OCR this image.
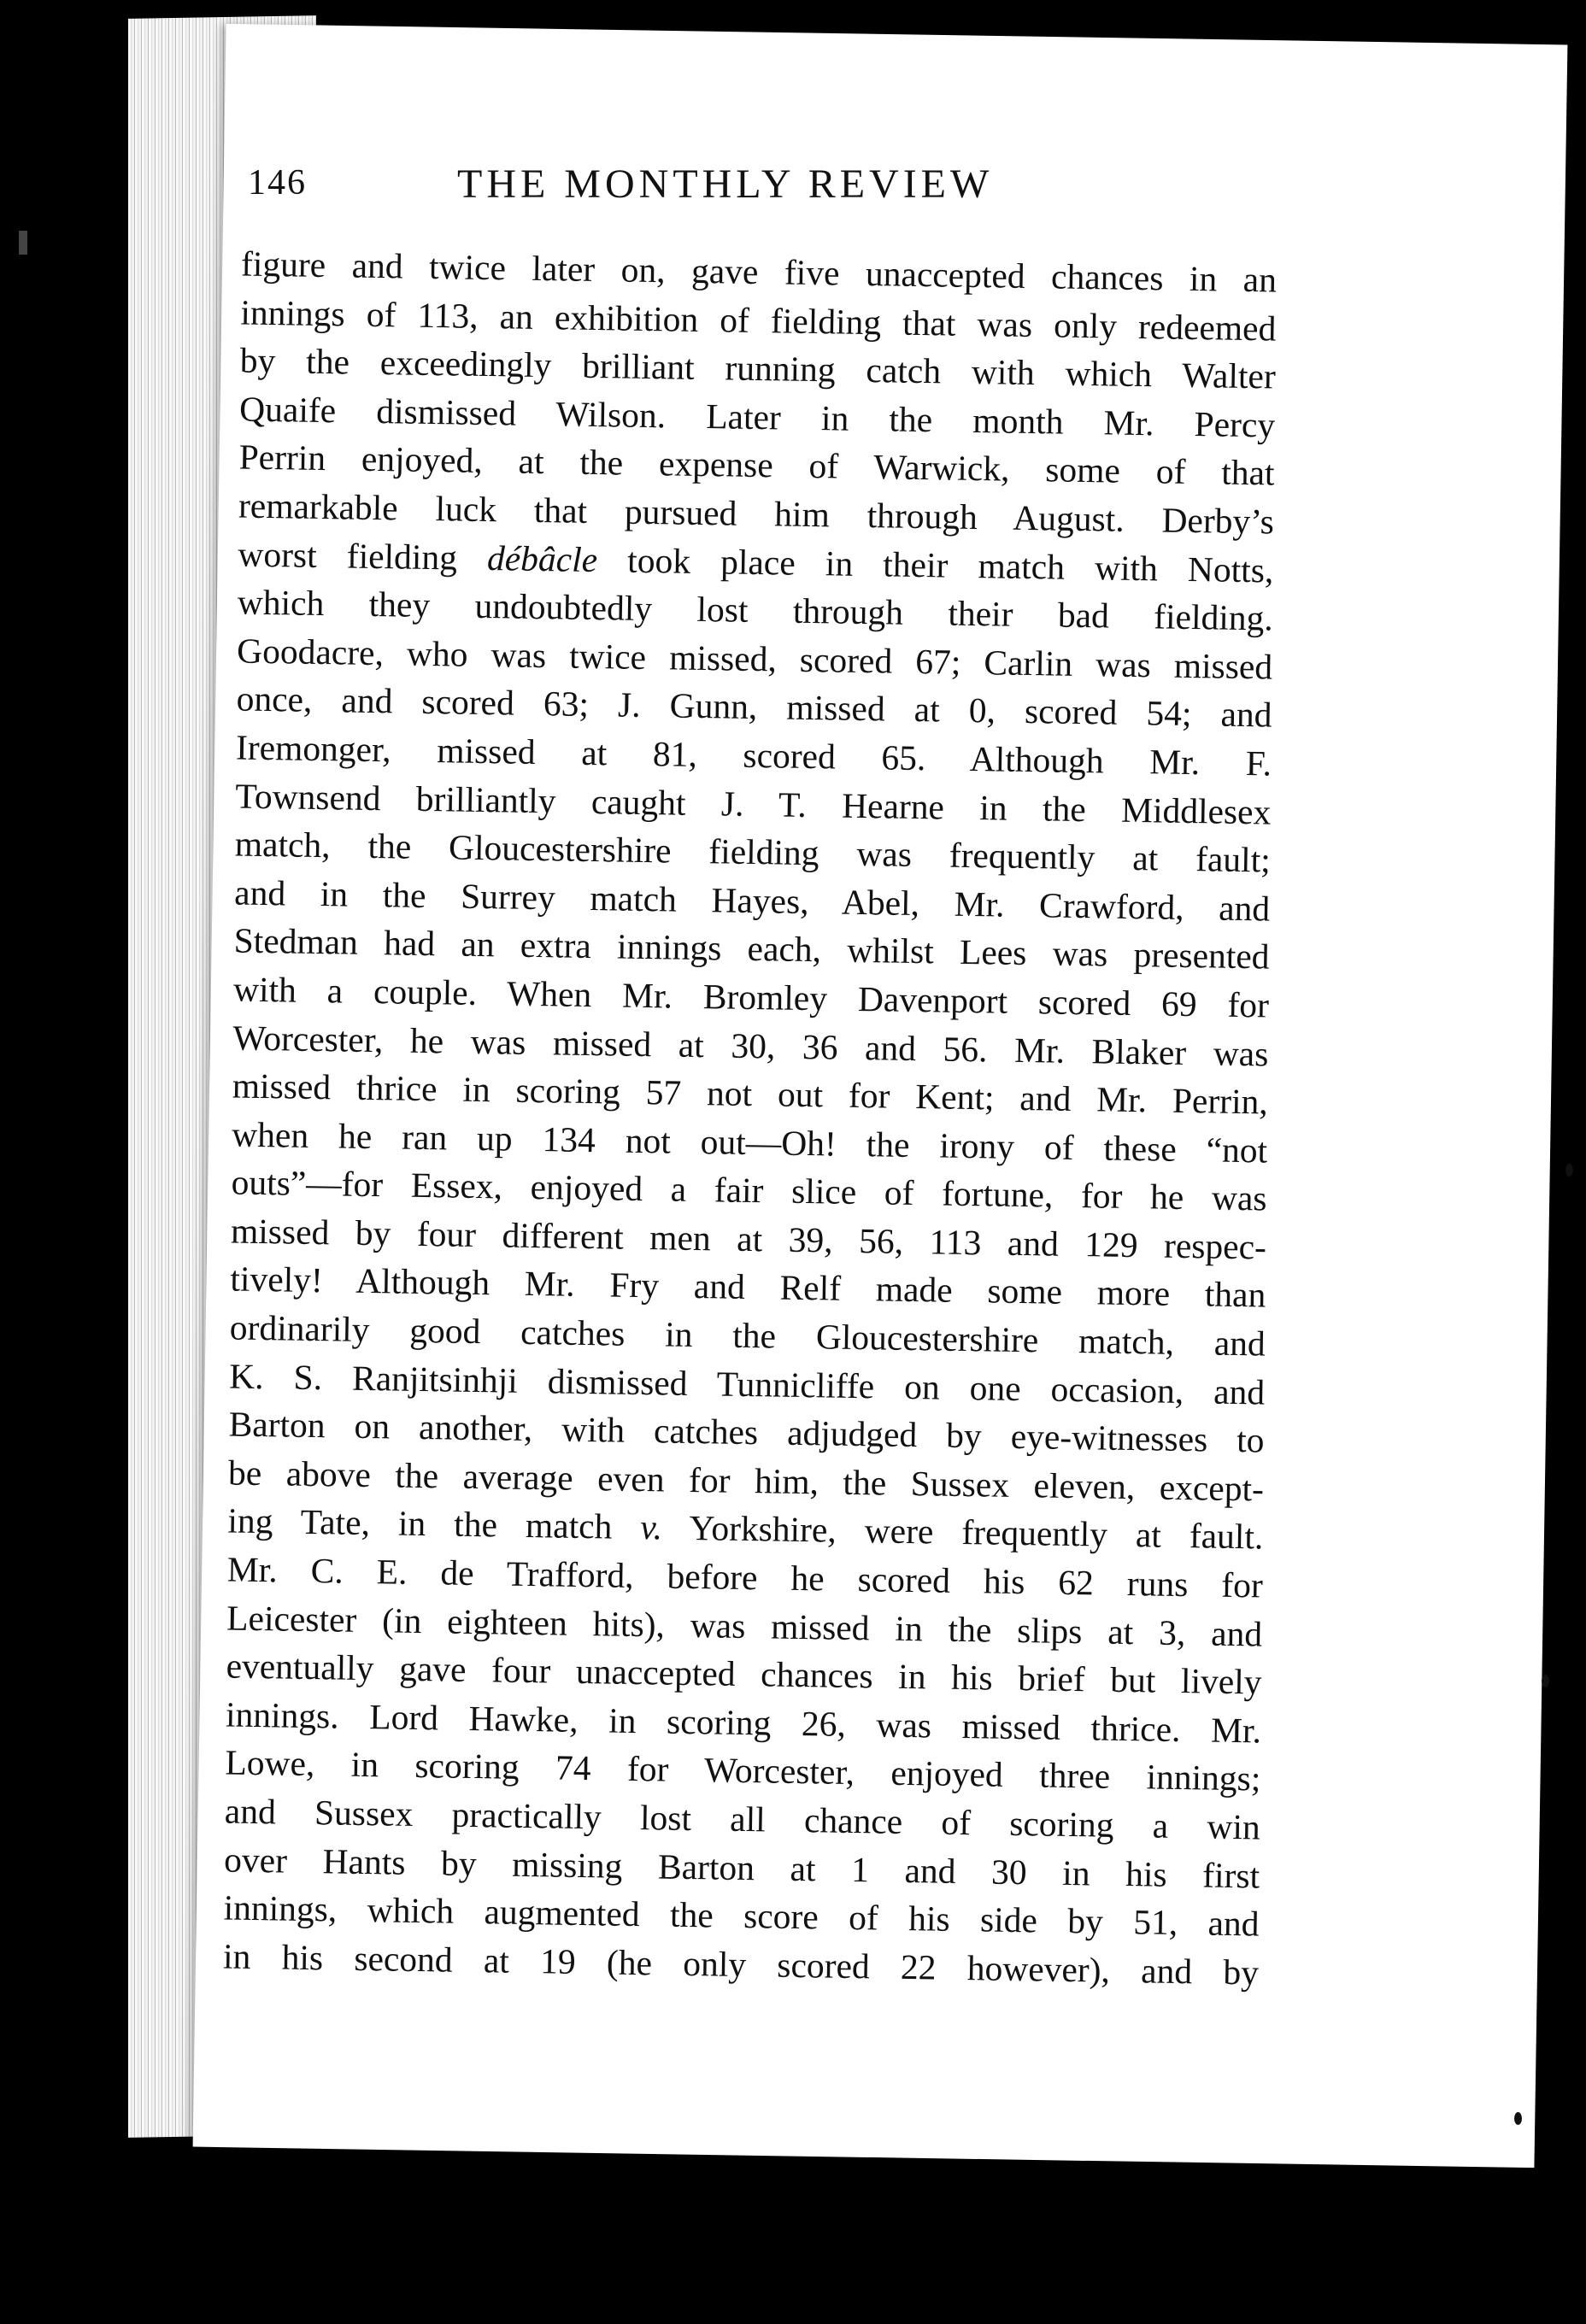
146	THE MONTHLY REVIEW
figure and twice later on, gave five unaccepted chances in an
innings of 113, an exhibition of fielding that was only redeemed
by the exceedingly brilliant running catch with which Walter
Quaife dismissed Wilson. Later in the month Mr. Percy
Perrin enjoyed, at the expense of Warwick, some of that
remarkable luck that pursued him through August. Derby’s
worst fielding débâcle took place in their match with Notts,
which they undoubtedly lost through their bad fielding.
Goodacre, who was twice missed, scored 67; Carlin was missed
once, and scored 63; J. Gunn, missed at 0, scored 54; and
Iremonger, missed at 81, scored 65. Although Mr. F.
Townsend brilliantly caught J. T. Hearne in the Middlesex
match, the Gloucestershire fielding was frequently at fault;
and in the Surrey match Hayes, Abel, Mr. Crawford, and
Stedman had an extra innings each, whilst Lees was presented
with a couple. When Mr. Bromley Davenport scored 69 for
Worcester, he was missed at 30, 36 and 56. Mr. Blaker was
missed thrice in scoring 57 not out for Kent; and Mr. Perrin,
when he ran up 134 not out—Oh! the irony of these “not
outs”—for Essex, enjoyed a fair slice of fortune, for he was
missed by four different men at 39, 56, 113 and 129 respec-
tively! Although Mr. Fry and Relf made some more than
ordinarily good catches in the Gloucestershire match, and
K. S. Ranjitsinhji dismissed Tunnicliffe on one occasion, and
Barton on another, with catches adjudged by eye-witnesses to
be above the average even for him, the Sussex eleven, except-
ing Tate, in the match v. Yorkshire, were frequently at fault.
Mr. C. E. de Trafford, before he scored his 62 runs for
Leicester (in eighteen hits), was missed in the slips at 3, and
eventually gave four unaccepted chances in his brief but lively
innings. Lord Hawke, in scoring 26, was missed thrice. Mr.
Lowe, in scoring 74 for Worcester, enjoyed three innings;
and Sussex practically lost all chance of scoring a win
over Hants by missing Barton at 1 and 30 in his first
innings, which augmented the score of his side by 51, and
in his second at 19 (he only scored 22 however), and by
